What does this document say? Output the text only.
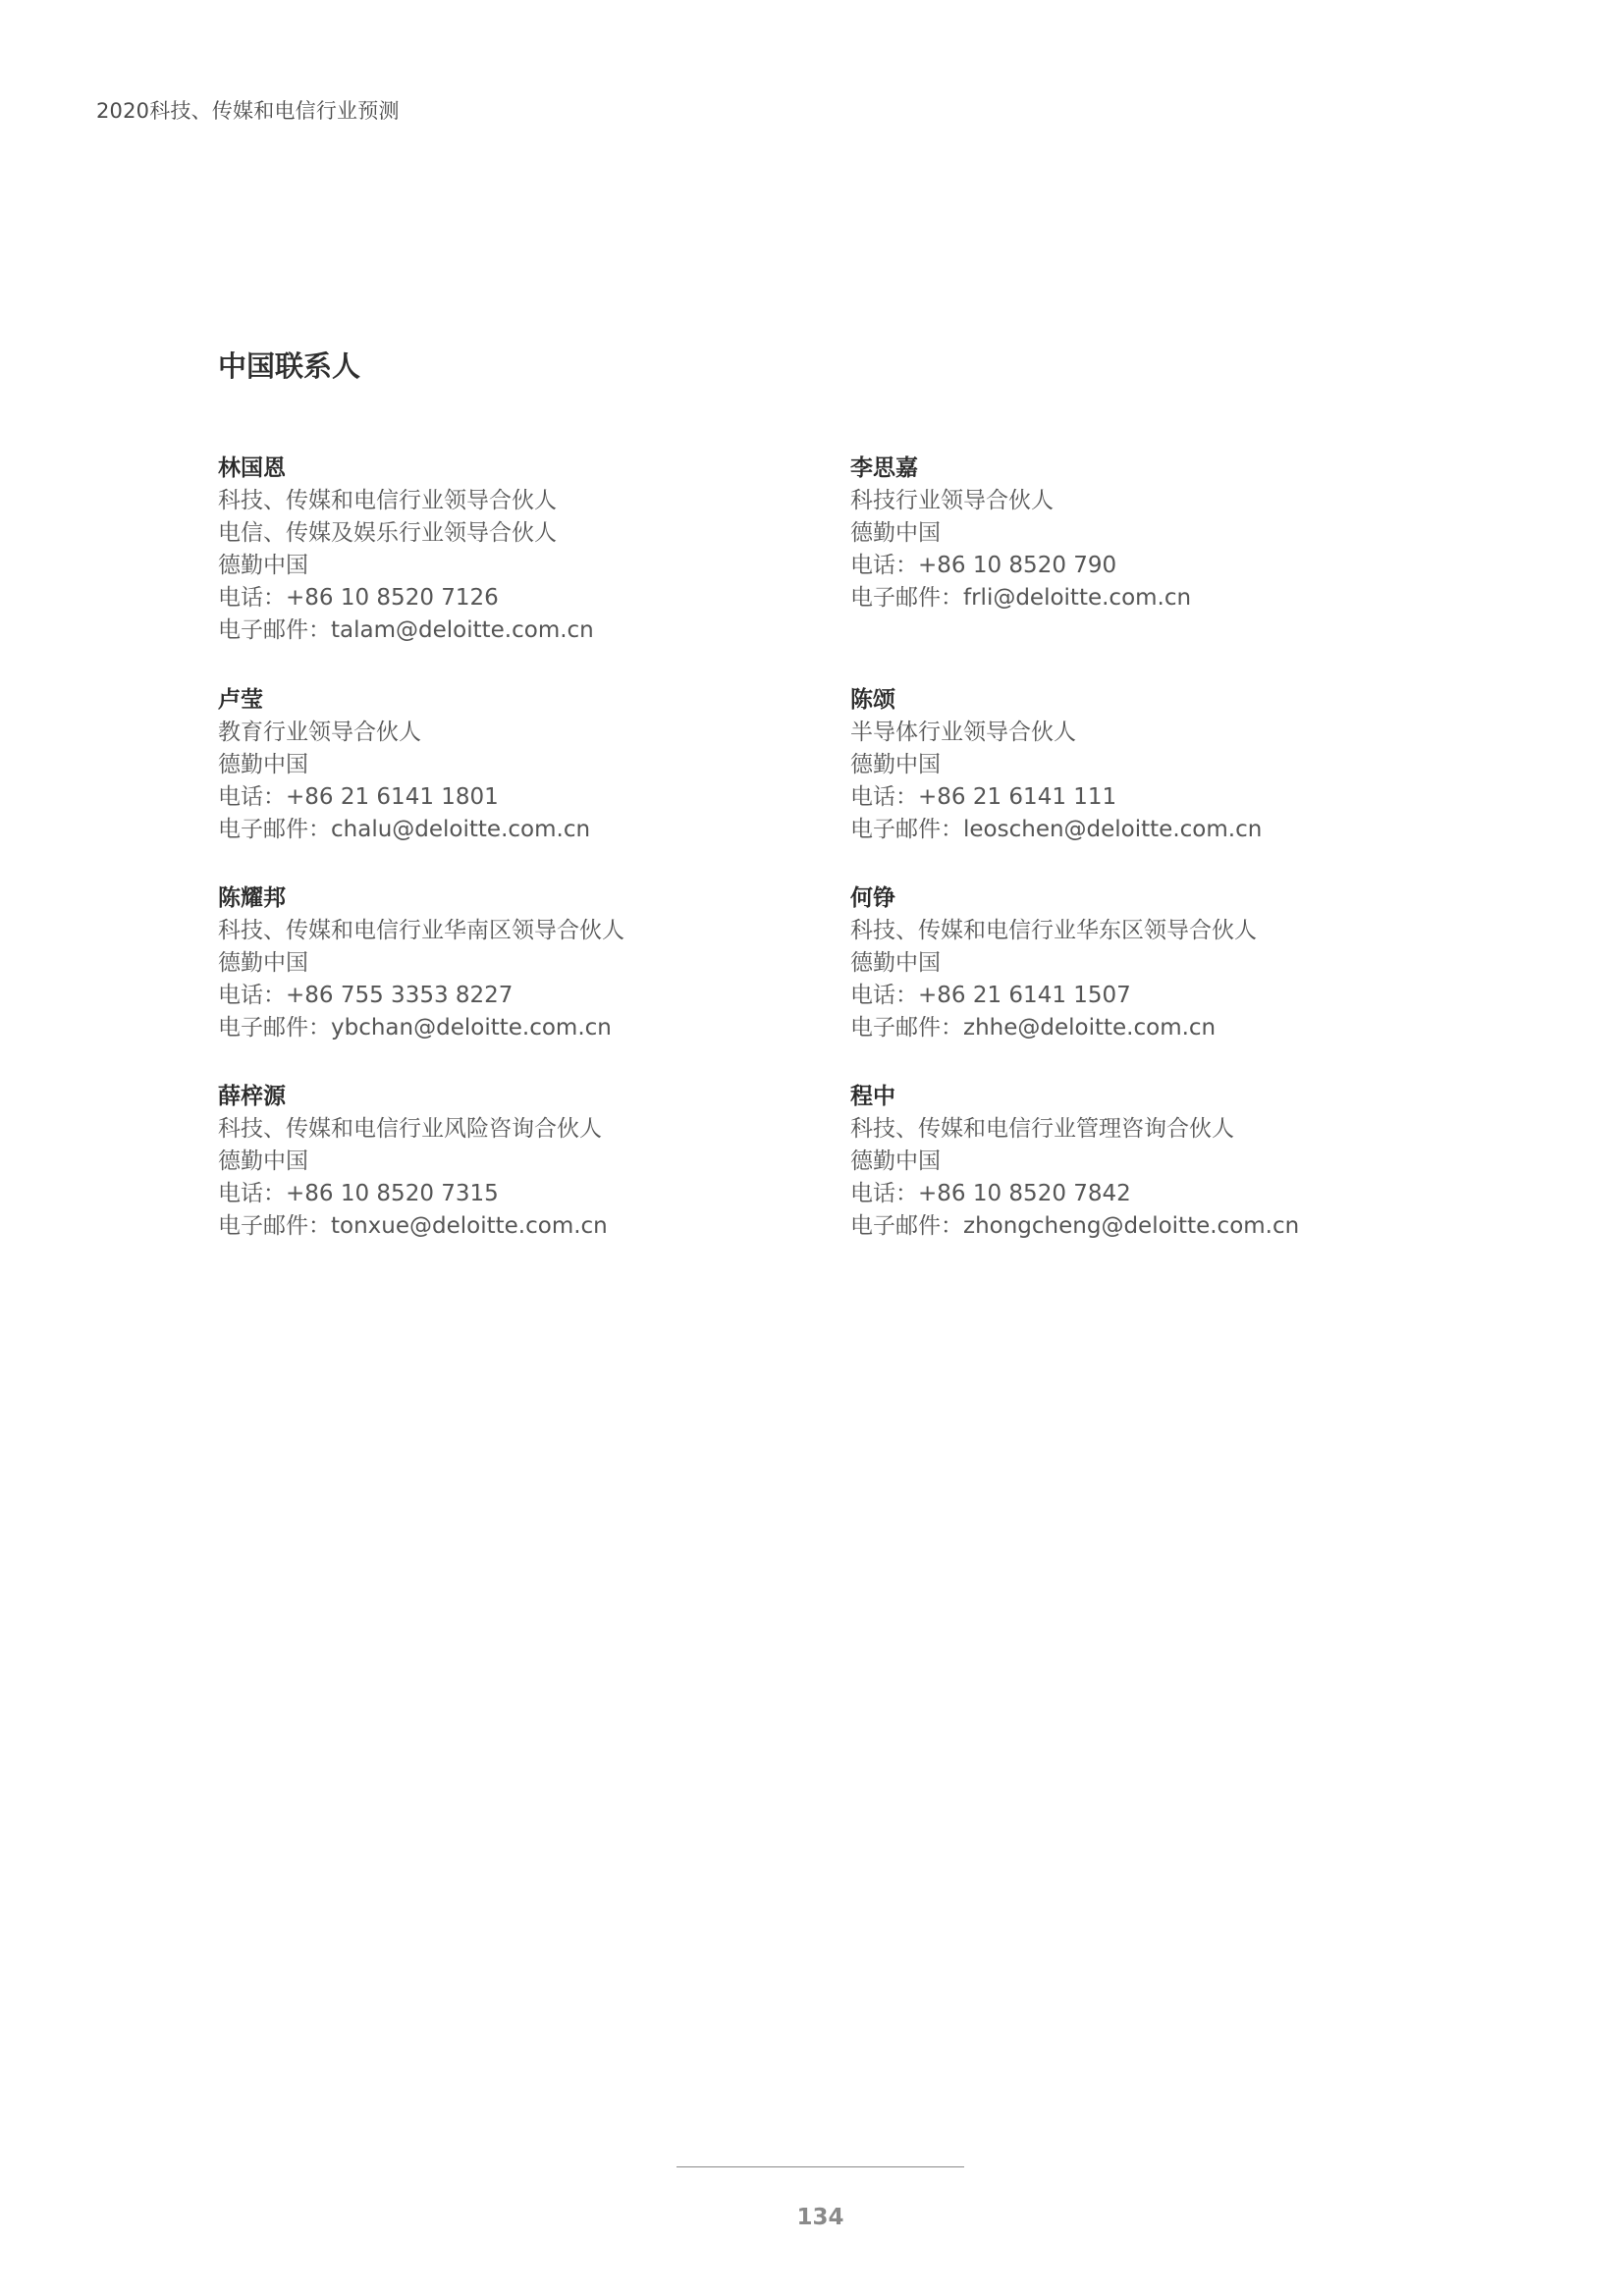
2020科技、传媒和电信行业预测
中国联系人
林国恩
科技、传媒和电信行业领导合伙人
电信、传媒及娱乐行业领导合伙人
德勤中国
电话：+86 10 8520 7126
电子邮件：talam@deloitte.com.cn
李思嘉
科技行业领导合伙人
德勤中国
电话：+86 10 8520 790
电子邮件：frli@deloitte.com.cn
卢莹
教育行业领导合伙人
德勤中国
电话：+86 21 6141 1801
电子邮件：chalu@deloitte.com.cn
陈颂
半导体行业领导合伙人
德勤中国
电话：+86 21 6141 111
电子邮件：leoschen@deloitte.com.cn
陈耀邦
科技、传媒和电信行业华南区领导合伙人
德勤中国
电话：+86 755 3353 8227
电子邮件：ybchan@deloitte.com.cn
何铮
科技、传媒和电信行业华东区领导合伙人
德勤中国
电话：+86 21 6141 1507
电子邮件：zhhe@deloitte.com.cn
薛梓源
科技、传媒和电信行业风险咨询合伙人
德勤中国
电话：+86 10 8520 7315
电子邮件：tonxue@deloitte.com.cn
程中
科技、传媒和电信行业管理咨询合伙人
德勤中国
电话：+86 10 8520 7842
电子邮件：zhongcheng@deloitte.com.cn
134
